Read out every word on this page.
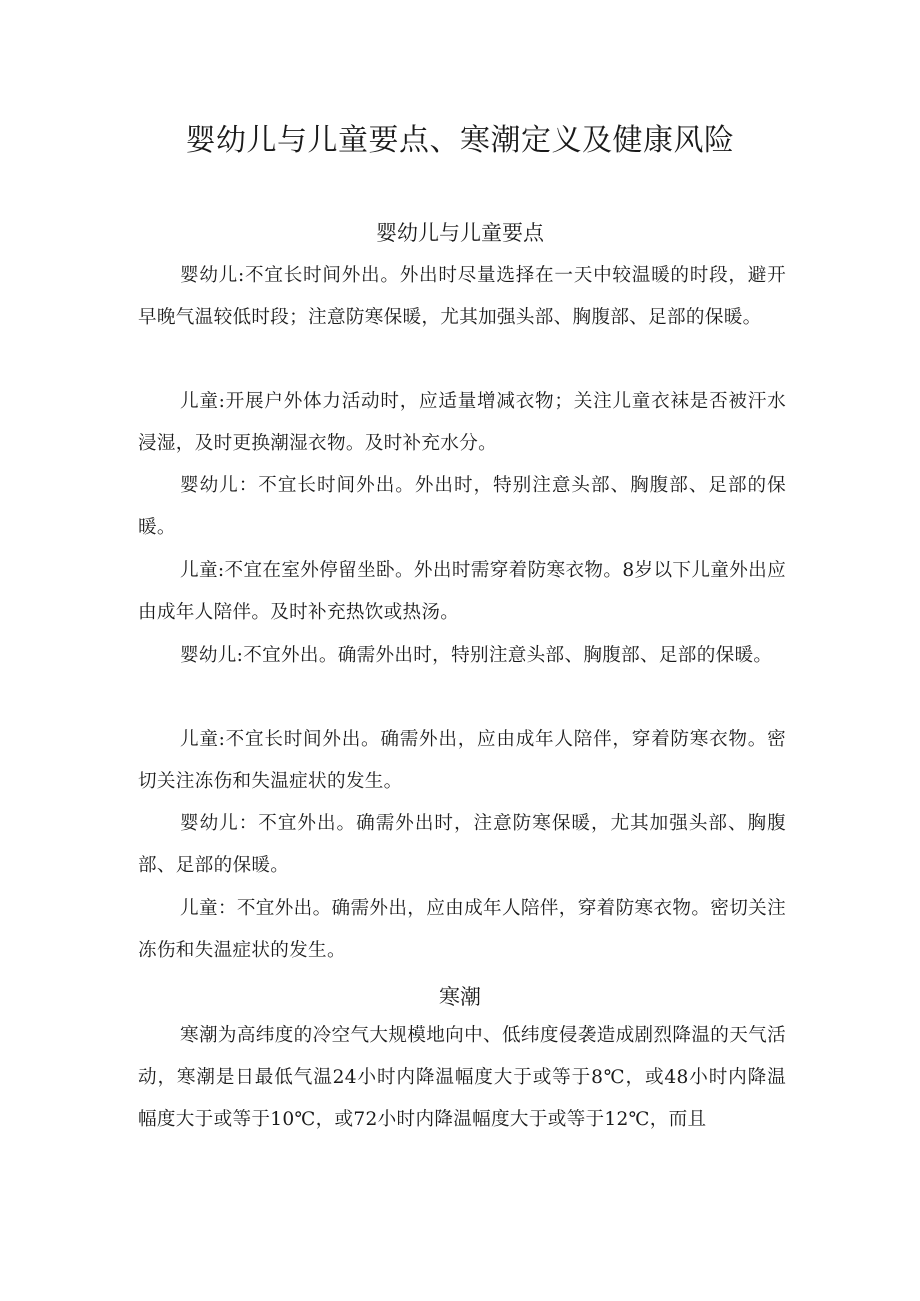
婴幼儿与儿童要点、寒潮定义及健康风险
婴幼儿与儿童要点

婴幼儿:不宜长时间外出。外出时尽量选择在一天中较温暖的时段，避开早晚气温较低时段；注意防寒保暖，尤其加强头部、胸腹部、足部的保暖。

儿童:开展户外体力活动时，应适量增减衣物；关注儿童衣袜是否被汗水浸湿，及时更换潮湿衣物。及时补充水分。

婴幼儿：不宜长时间外出。外出时，特别注意头部、胸腹部、足部的保暖。

儿童:不宜在室外停留坐卧。外出时需穿着防寒衣物。8岁以下儿童外出应由成年人陪伴。及时补充热饮或热汤。

婴幼儿:不宜外出。确需外出时，特别注意头部、胸腹部、足部的保暖。

儿童:不宜长时间外出。确需外出，应由成年人陪伴，穿着防寒衣物。密切关注冻伤和失温症状的发生。

婴幼儿：不宜外出。确需外出时，注意防寒保暖，尤其加强头部、胸腹部、足部的保暖。

儿童：不宜外出。确需外出，应由成年人陪伴，穿着防寒衣物。密切关注冻伤和失温症状的发生。

寒潮

寒潮为高纬度的冷空气大规模地向中、低纬度侵袭造成剧烈降温的天气活动，寒潮是日最低气温24小时内降温幅度大于或等于8℃，或48小时内降温幅度大于或等于10℃，或72小时内降温幅度大于或等于12℃，而且
